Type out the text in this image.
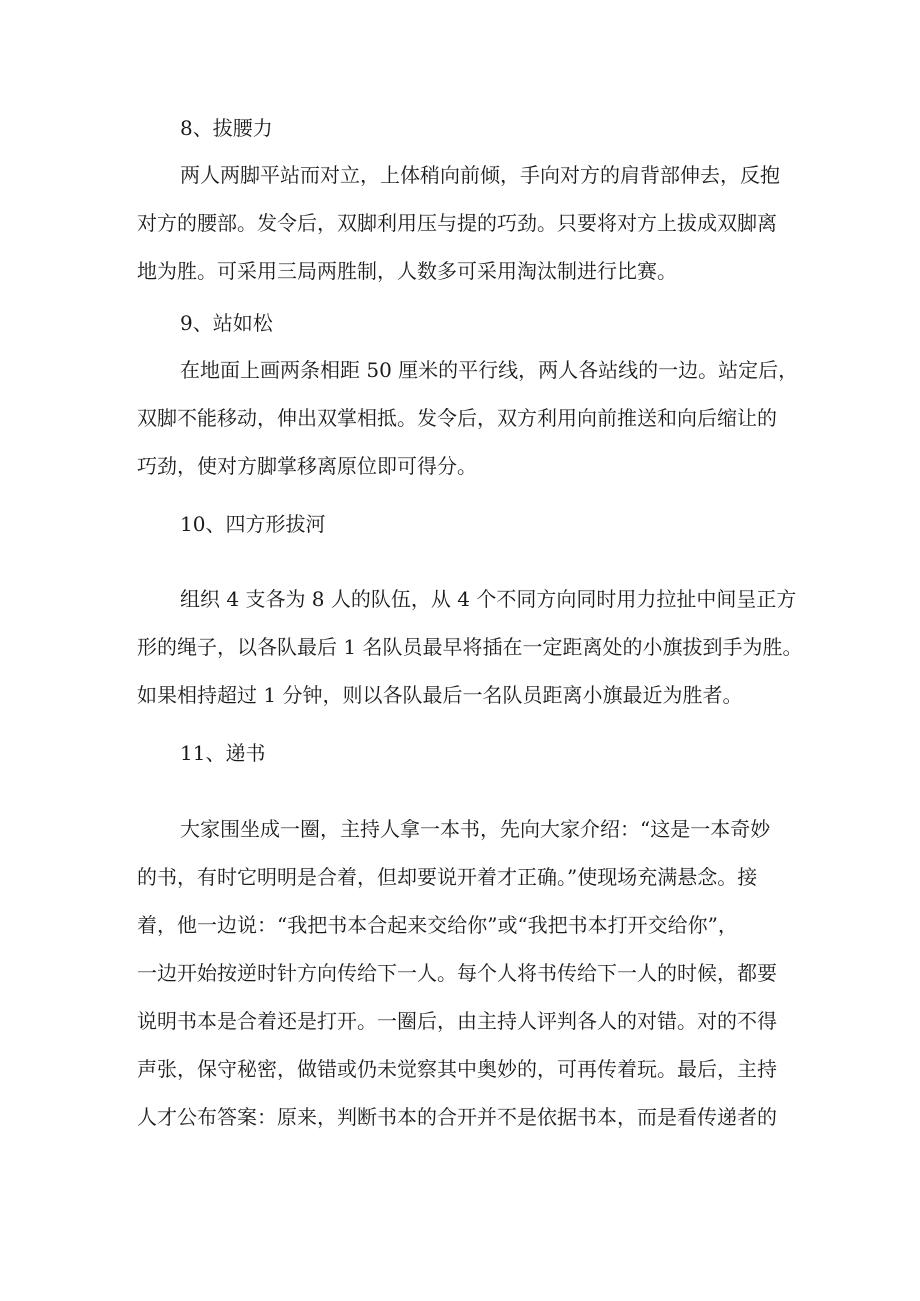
8、拔腰力
两人两脚平站而对立，上体稍向前倾，手向对方的肩背部伸去，反抱
对方的腰部。发令后，双脚利用压与提的巧劲。只要将对方上拔成双脚离
地为胜。可采用三局两胜制，人数多可采用淘汰制进行比赛。
9、站如松
在地面上画两条相距 50 厘米的平行线，两人各站线的一边。站定后，
双脚不能移动，伸出双掌相抵。发令后，双方利用向前推送和向后缩让的
巧劲，使对方脚掌移离原位即可得分。
10、四方形拔河
组织 4 支各为 8 人的队伍，从 4 个不同方向同时用力拉扯中间呈正方
形的绳子，以各队最后 1 名队员最早将插在一定距离处的小旗拔到手为胜。
如果相持超过 1 分钟，则以各队最后一名队员距离小旗最近为胜者。
11、递书
大家围坐成一圈，主持人拿一本书，先向大家介绍：“这是一本奇妙
的书，有时它明明是合着，但却要说开着才正确。”使现场充满悬念。接
着，他一边说：“我把书本合起来交给你”或“我把书本打开交给你”，
一边开始按逆时针方向传给下一人。每个人将书传给下一人的时候，都要
说明书本是合着还是打开。一圈后，由主持人评判各人的对错。对的不得
声张，保守秘密，做错或仍未觉察其中奥妙的，可再传着玩。最后，主持
人才公布答案：原来，判断书本的合开并不是依据书本，而是看传递者的
